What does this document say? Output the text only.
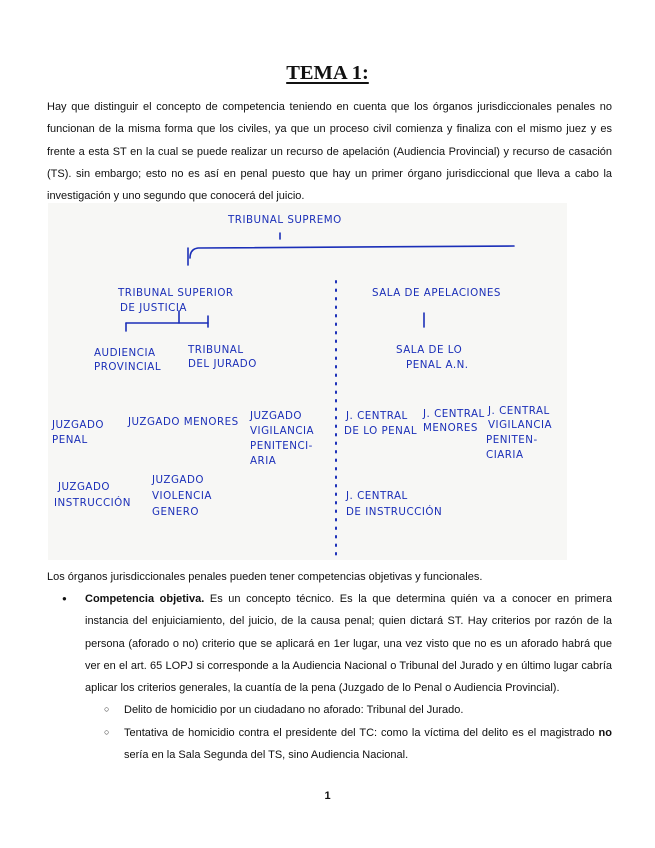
TEMA 1:
Hay que distinguir el concepto de competencia teniendo en cuenta que los órganos jurisdiccionales penales no funcionan de la misma forma que los civiles, ya que un proceso civil comienza y finaliza con el mismo juez y es frente a esta ST en la cual se puede realizar un recurso de apelación (Audiencia Provincial) y recurso de casación (TS). sin embargo; esto no es así en penal puesto que hay un primer órgano jurisdiccional que lleva a cabo la investigación y uno segundo que conocerá del juicio.
TRIBUNAL SUPREMO
TRIBUNAL SUPERIOR
DE JUSTICIA
SALA DE APELACIONES
AUDIENCIA
PROVINCIAL
TRIBUNAL
DEL JURADO
SALA DE LO
PENAL A.N.
JUZGADO
PENAL
JUZGADO MENORES JUZGADO
VIGILANCIA
PENITENCI-
ARIA
J. CENTRAL
DE LO PENAL
J. CENTRAL
MENORES
J. CENTRAL
VIGILANCIA
PENITEN-
CIARIA
JUZGADO
INSTRUCCIÓN
JUZGADO
VIOLENCIA
GENERO
J. CENTRAL
DE INSTRUCCIÓN
Los órganos jurisdiccionales penales pueden tener competencias objetivas y funcionales.
● Competencia objetiva. Es un concepto técnico. Es la que determina quién va a conocer en primera instancia del enjuiciamiento, del juicio, de la causa penal; quien dictará ST. Hay criterios por razón de la persona (aforado o no) criterio que se aplicará en 1er lugar, una vez visto que no es un aforado habrá que ver en el art. 65 LOPJ si corresponde a la Audiencia Nacional o Tribunal del Jurado y en último lugar cabría aplicar los criterios generales, la cuantía de la pena (Juzgado de lo Penal o Audiencia Provincial).
○ Delito de homicidio por un ciudadano no aforado: Tribunal del Jurado.
○ Tentativa de homicidio contra el presidente del TC: como la víctima del delito es el magistrado no sería en la Sala Segunda del TS, sino Audiencia Nacional.
1
